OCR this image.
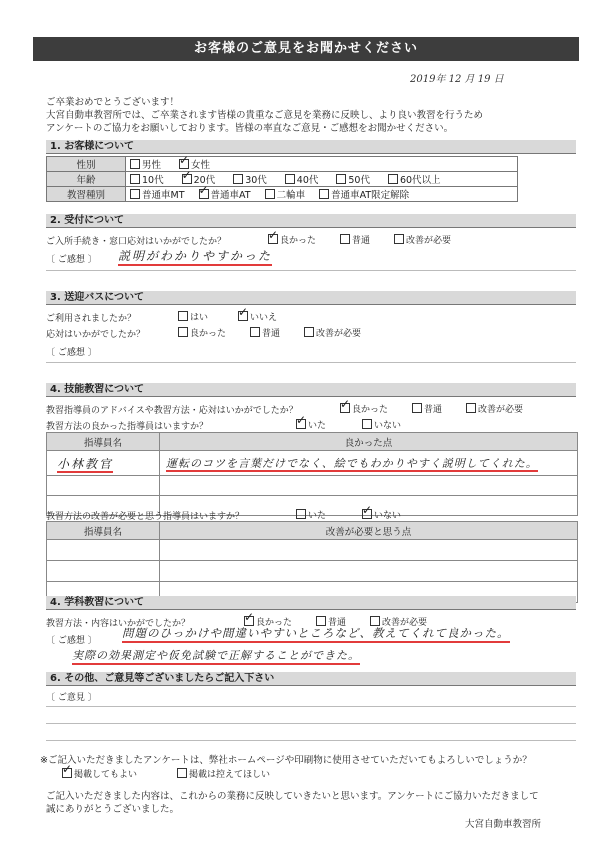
お客様のご意見をお聞かせください
2019年 12 月 19 日
ご卒業おめでとうございます！
大宮自動車教習所では、ご卒業されます皆様の貴重なご意見を業務に反映し、より良い教習を行うため
アンケートのご協力をお願いしております。皆様の率直なご意見・ご感想をお聞かせください。
1. お客様について
性別	男性 ✓ 女性
年齢	10代 ✓ 20代 30代 40代 50代 60代以上
教習種別	普通車MT ✓ 普通車AT 二輪車 普通車AT限定解除
2. 受付について
ご入所手続き・窓口応対はいかがでしたか？ ✓	良かった	普通	改善が必要
〔 ご感想 〕 説明がわかりやすかった
3. 送迎バスについて
ご利用されましたか？	はい ✓	いいえ
応対はいかがでしたか？	良かった	普通	改善が必要
〔 ご感想 〕
4. 技能教習について
教習指導員のアドバイスや教習方法・応対はいかがでしたか？ ✓	良かった	普通	改善が必要
教習方法の良かった指導員はいますか？ ✓	いた	いない
指導員名	良かった点
小林教官	運転のコツを言葉だけでなく、絵でもわかりやすく説明してくれた。

教習方法の改善が必要と思う指導員はいますか？	いた ✓	いない
指導員名	改善が必要と思う点

4. 学科教習について
教習方法・内容はいかがでしたか？ ✓	良かった	普通	改善が必要
〔 ご感想 〕
問題のひっかけや間違いやすいところなど、教えてくれて良かった。
実際の効果測定や仮免試験で正解することができた。
6. その他、ご意見等ございましたらご記入下さい
〔 ご意見 〕
※ご記入いただきましたアンケートは、弊社ホームページや印刷物に使用させていただいてもよろしいでしょうか？
✓掲載してもよい	掲載は控えてほしい
ご記入いただきました内容は、これからの業務に反映していきたいと思います。アンケートにご協力いただきまして
誠にありがとうございました。
大宮自動車教習所
